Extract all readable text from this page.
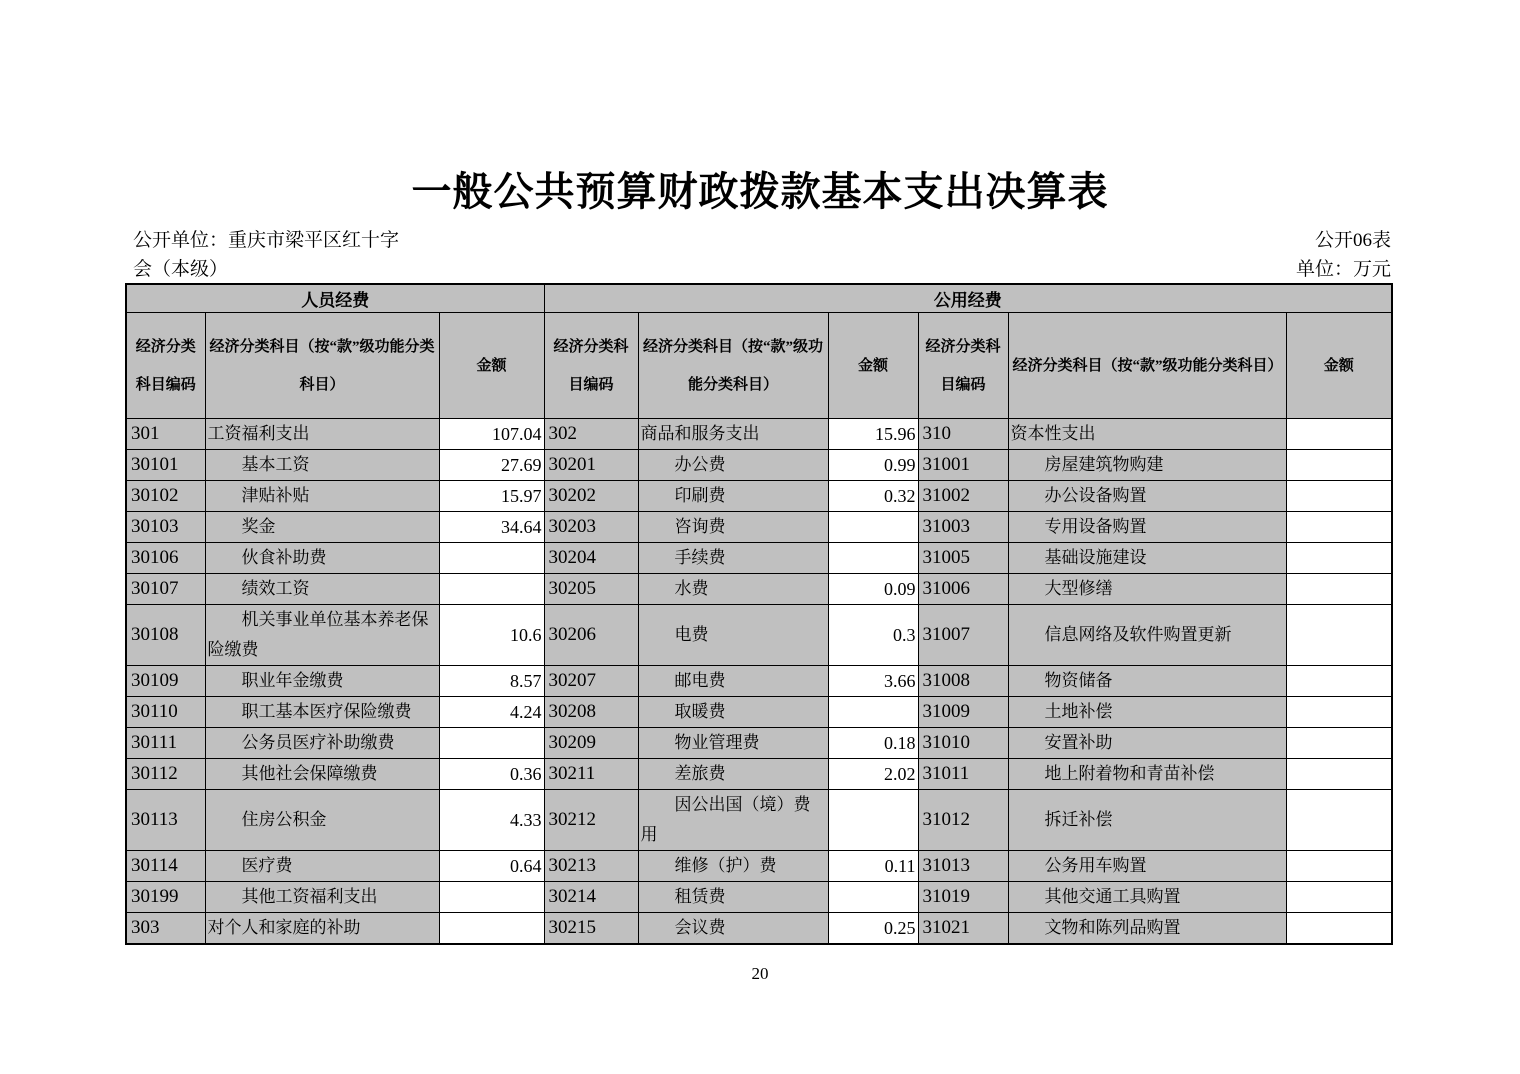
一般公共预算财政拨款基本支出决算表
公开单位：重庆市梁平区红十字
会（本级）
公开06表
单位：万元
人员经费			公用经费					
经济分类科目编码	经济分类科目（按“款”级功能分类科目）	金额	经济分类科目编码	经济分类科目（按“款”级功能分类科目）	金额	经济分类科目编码	经济分类科目（按“款”级功能分类科目）	金额
301	工资福利支出	107.04	302	商品和服务支出	15.96	310	资本性支出	
30101	基本工资	27.69	30201	办公费	0.99	31001	房屋建筑物购建	
30102	津贴补贴	15.97	30202	印刷费	0.32	31002	办公设备购置	
30103	奖金	34.64	30203	咨询费		31003	专用设备购置	
30106	伙食补助费		30204	手续费		31005	基础设施建设	
30107	绩效工资		30205	水费	0.09	31006	大型修缮	
30108	机关事业单位基本养老保险缴费	10.6	30206	电费	0.3	31007	信息网络及软件购置更新	
30109	职业年金缴费	8.57	30207	邮电费	3.66	31008	物资储备	
30110	职工基本医疗保险缴费	4.24	30208	取暖费		31009	土地补偿	
30111	公务员医疗补助缴费		30209	物业管理费	0.18	31010	安置补助	
30112	其他社会保障缴费	0.36	30211	差旅费	2.02	31011	地上附着物和青苗补偿	
30113	住房公积金	4.33	30212	因公出国（境）费用		31012	拆迁补偿	
30114	医疗费	0.64	30213	维修（护）费	0.11	31013	公务用车购置	
30199	其他工资福利支出		30214	租赁费		31019	其他交通工具购置	
303	对个人和家庭的补助		30215	会议费	0.25	31021	文物和陈列品购置	
20
